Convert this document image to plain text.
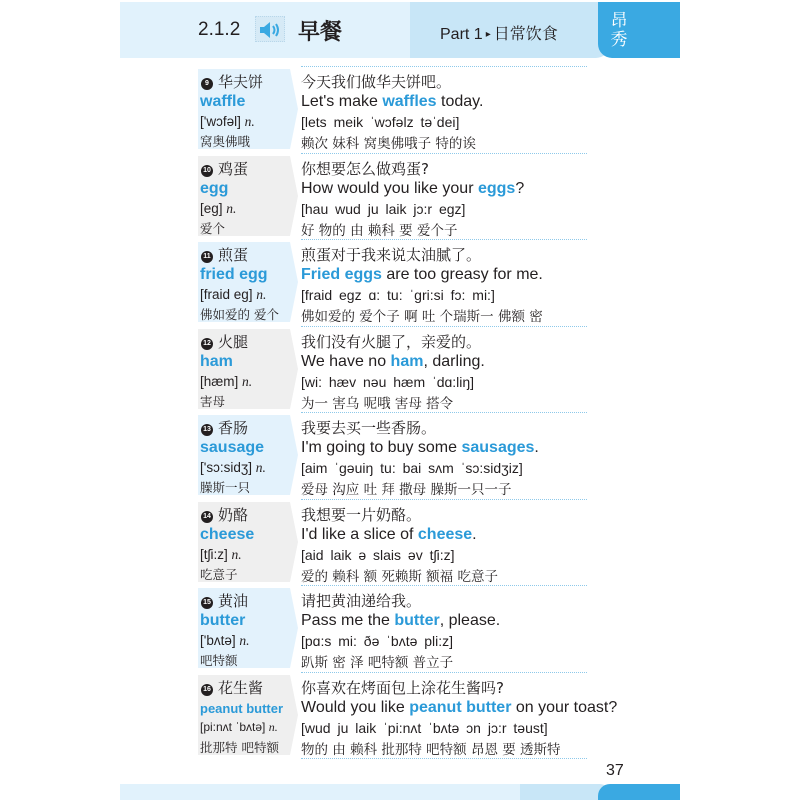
昂秀
2.1.2	早餐	Part 1 ▸ 日常饮食
9 华夫饼
waffle
['wɔfəl] n.
窝奥佛哦
今天我们做华夫饼吧。
Let's make waffles today.
[lets meik ˈwɔfəlz təˈdei]
赖次 妹科 窝奥佛哦子 特的诶
10 鸡蛋
egg
[eg] n.
爱个
你想要怎么做鸡蛋?
How would you like your eggs?
[hau wud ju laik jɔ:r egz]
好 物的 由 赖科 要 爱个子
11 煎蛋
fried egg
[fraid eg] n.
佛如爱的 爱个
煎蛋对于我来说太油腻了。
Fried eggs are too greasy for me.
[fraid egz ɑ: tu: ˈgri:si fɔ: mi:]
佛如爱的 爱个子 啊 吐 个瑞斯一 佛额 密
12 火腿
ham
[hæm] n.
害母
我们没有火腿了，亲爱的。
We have no ham, darling.
[wi: hæv nəu hæm ˈdɑ:liŋ]
为一 害乌 呢哦 害母 搭令
13 香肠
sausage
['sɔ:sidʒ] n.
臊斯一只
我要去买一些香肠。
I'm going to buy some sausages.
[aim ˈgəuiŋ tu: bai sʌm ˈsɔ:sidʒiz]
爱母 沟应 吐 拜 撒母 臊斯一只一子
14 奶酪
cheese
[tʃi:z] n.
吃意子
我想要一片奶酪。
I'd like a slice of cheese.
[aid laik ə slais əv tʃi:z]
爱的 赖科 额 死赖斯 额福 吃意子
15 黄油
butter
['bʌtə] n.
吧特额
请把黄油递给我。
Pass me the butter, please.
[pɑ:s mi: ðə ˈbʌtə pli:z]
趴斯 密 泽 吧特额 普立子
16 花生酱
peanut butter
[pi:nʌt ˈbʌtə] n.
批那特 吧特额
你喜欢在烤面包上涂花生酱吗?
Would you like peanut butter on your toast?
[wud ju laik ˈpi:nʌt ˈbʌtə ɔn jɔ:r təust]
物的 由 赖科 批那特 吧特额 昂恩 要 透斯特
37
